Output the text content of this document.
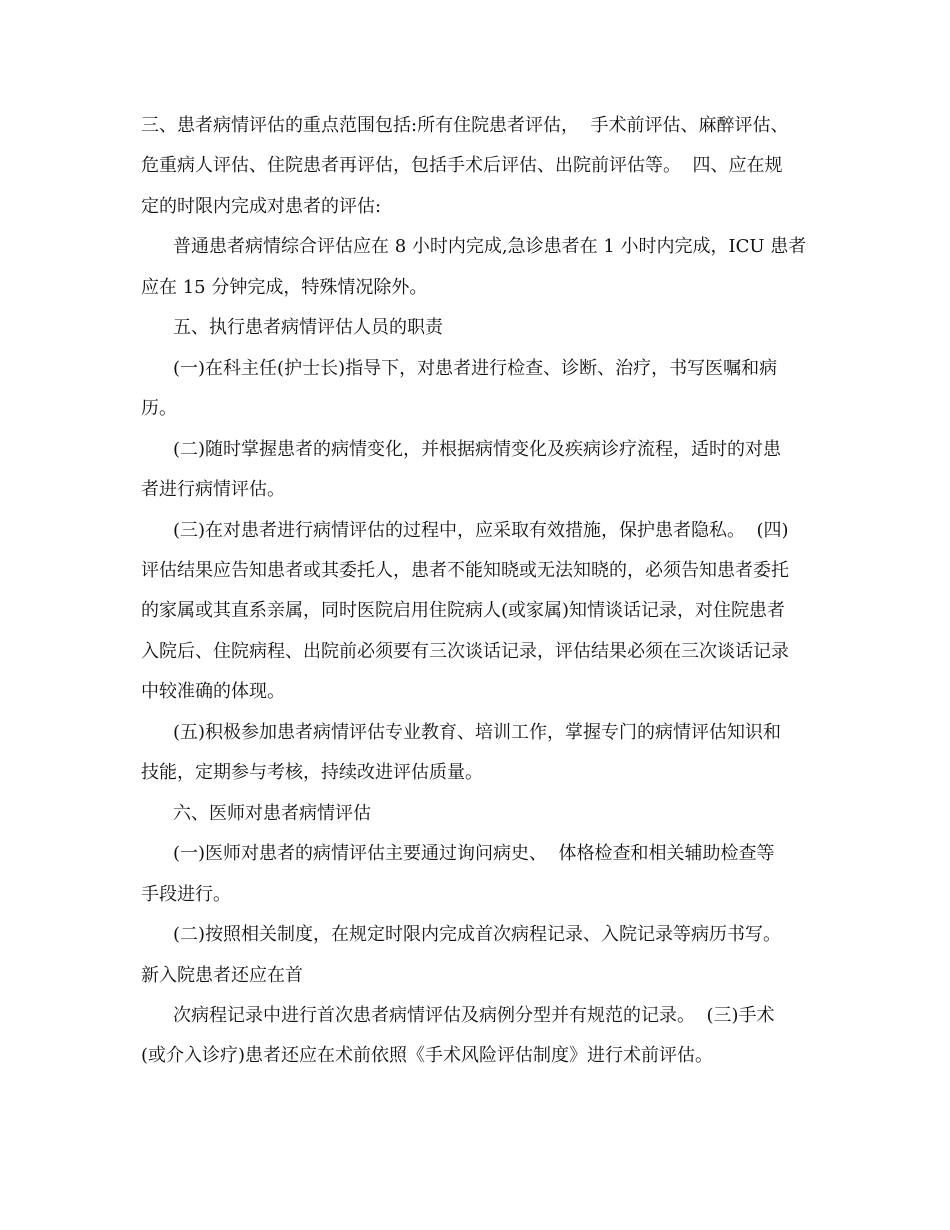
三、患者病情评估的重点范围包括:所有住院患者评估，  手术前评估、麻醉评估、
危重病人评估、住院患者再评估，包括手术后评估、出院前评估等。  四、应在规
定的时限内完成对患者的评估:
普通患者病情综合评估应在 8 小时内完成,急诊患者在 1 小时内完成，ICU 患者
应在 15 分钟完成，特殊情况除外。
五、执行患者病情评估人员的职责
(一)在科主任(护士长)指导下，对患者进行检查、诊断、治疗，书写医嘱和病
历。
(二)随时掌握患者的病情变化，并根据病情变化及疾病诊疗流程，适时的对患
者进行病情评估。
(三)在对患者进行病情评估的过程中，应采取有效措施，保护患者隐私。  (四)
评估结果应告知患者或其委托人，患者不能知晓或无法知晓的，必须告知患者委托
的家属或其直系亲属，同时医院启用住院病人(或家属)知情谈话记录，对住院患者
入院后、住院病程、出院前必须要有三次谈话记录，评估结果必须在三次谈话记录
中较准确的体现。
(五)积极参加患者病情评估专业教育、培训工作，掌握专门的病情评估知识和
技能，定期参与考核，持续改进评估质量。
六、医师对患者病情评估
(一)医师对患者的病情评估主要通过询问病史、  体格检查和相关辅助检查等
手段进行。
(二)按照相关制度，在规定时限内完成首次病程记录、入院记录等病历书写。
新入院患者还应在首
次病程记录中进行首次患者病情评估及病例分型并有规范的记录。  (三)手术
(或介入诊疗)患者还应在术前依照《手术风险评估制度》进行术前评估。
